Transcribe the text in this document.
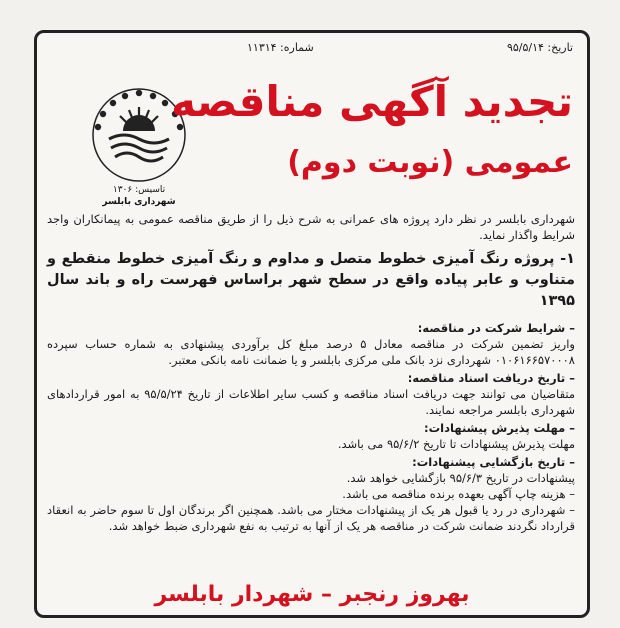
تاریخ: ۹۵/۵/۱۴
شماره: ۱۱۳۱۴
تاسیس: ۱۳۰۶
شهرداری بابلسر
تجدید آگهی مناقصه
عمومی (نوبت دوم)

شهرداری بابلسر در نظر دارد پروژه های عمرانی به شرح ذیل را از طریق مناقصه عمومی به پیمانکاران واجد شرایط واگذار نماید.

۱- پروژه رنگ آمیزی خطوط متصل و مداوم و رنگ آمیزی خطوط منقطع و متناوب و عابر پیاده واقع در سطح شهر براساس فهرست راه و باند سال ۱۳۹۵

– شرایط شرکت در مناقصه:

واریز تضمین شرکت در مناقصه معادل ۵ درصد مبلغ کل برآوردی پیشنهادی به شماره حساب سپرده ۰۱۰۶۱۶۶۵۷۰۰۰۸ شهرداری نزد بانک ملی مرکزی بابلسر و یا ضمانت نامه بانکی معتبر.

– تاریخ دریافت اسناد مناقصه:

متقاضیان می توانند جهت دریافت اسناد مناقصه و کسب سایر اطلاعات از تاریخ ۹۵/۵/۲۴ به امور قراردادهای شهرداری بابلسر مراجعه نمایند.

– مهلت پذیرش پیشنهادات:

مهلت پذیرش پیشنهادات تا تاریخ ۹۵/۶/۲ می باشد.

– تاریخ بازگشایی پیشنهادات:

پیشنهادات در تاریخ ۹۵/۶/۳ بازگشایی خواهد شد.

– هزینه چاپ آگهی بعهده برنده مناقصه می باشد.

– شهرداری در رد یا قبول هر یک از پیشنهادات مختار می باشد. همچنین اگر برندگان اول تا سوم حاضر به انعقاد قرارداد نگردند ضمانت شرکت در مناقصه هر یک از آنها به ترتیب به نفع شهرداری ضبط خواهد شد.

بهروز رنجبر – شهردار بابلسر
